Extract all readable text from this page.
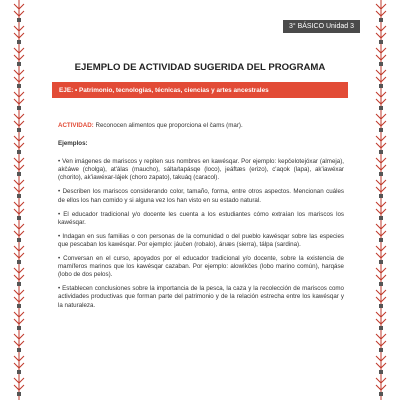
3° BÁSICO Unidad 3
EJEMPLO DE ACTIVIDAD SUGERIDA DEL PROGRAMA
EJE: • Patrimonio, tecnologías, técnicas, ciencias y artes ancestrales

ACTIVIDAD: Reconocen alimentos que proporciona el čams (mar).

Ejemplos:

• Ven imágenes de mariscos y repiten sus nombres en kawésqar. Por ejemplo: kepčelotejóxar (almeja), akčáwe (cholga), at'álas (maucho), sálta/tapásqe (loco), jeáftæs (erizo), c'aqok (lapa), ak'iawéxar (chorito), ak'iawéxar-lájek (choro zapato), takuáq (caracol).

• Describen los mariscos considerando color, tamaño, forma, entre otros aspectos. Mencionan cuáles de ellos los han comido y si alguna vez los han visto en su estado natural.

• El educador tradicional y/o docente les cuenta a los estudiantes cómo extraían los mariscos los kawésqar.

• Indagan en sus familias o con personas de la comunidad o del pueblo kawésqar sobre las especies que pescaban los kawésqar. Por ejemplo: jáučen (robalo), árıæs (sierra), tálpa (sardina).

• Conversan en el curso, apoyados por el educador tradicional y/o docente, sobre la existencia de mamíferos marinos que los kawésqar cazaban. Por ejemplo: alowíkčes (lobo marino común), harqáse (lobo de dos pelos).

• Establecen conclusiones sobre la importancia de la pesca, la caza y la recolección de mariscos como actividades productivas que forman parte del patrimonio y de la relación estrecha entre los kawésqar y la naturaleza.
